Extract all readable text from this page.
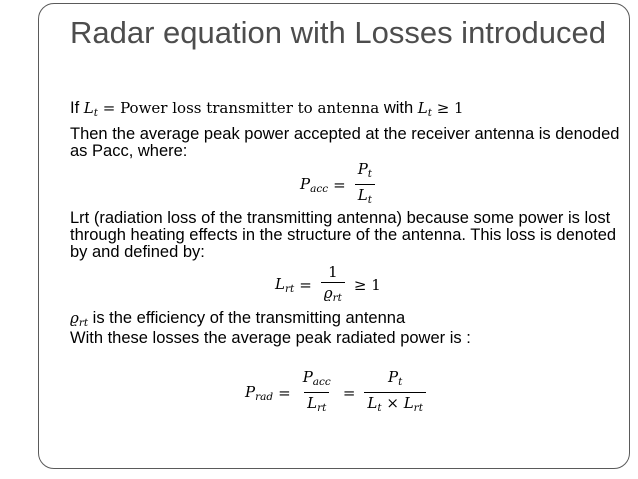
Radar equation with Losses introduced

If $L_t$ = Power loss transmitter to antenna with $L_t \ge 1$

Then the average peak power accepted at the receiver antenna is denoded as Pacc, where:

$P_{acc} = \frac{P_t}{L_t}$

Lrt (radiation loss of the transmitting antenna) because some power is lost through heating effects in the structure of the antenna. This loss is denoted by and defined by:

$L_{rt} = \frac{1}{ϱ_{rt}} \ge 1$

$ϱ_{rt}$ is the efficiency of the transmitting antenna

With these losses the average peak radiated power is :

$P_{rad} = \frac{P_{acc}}{L_{rt}} = \frac{P_t}{L_t \times L_{rt}}$
